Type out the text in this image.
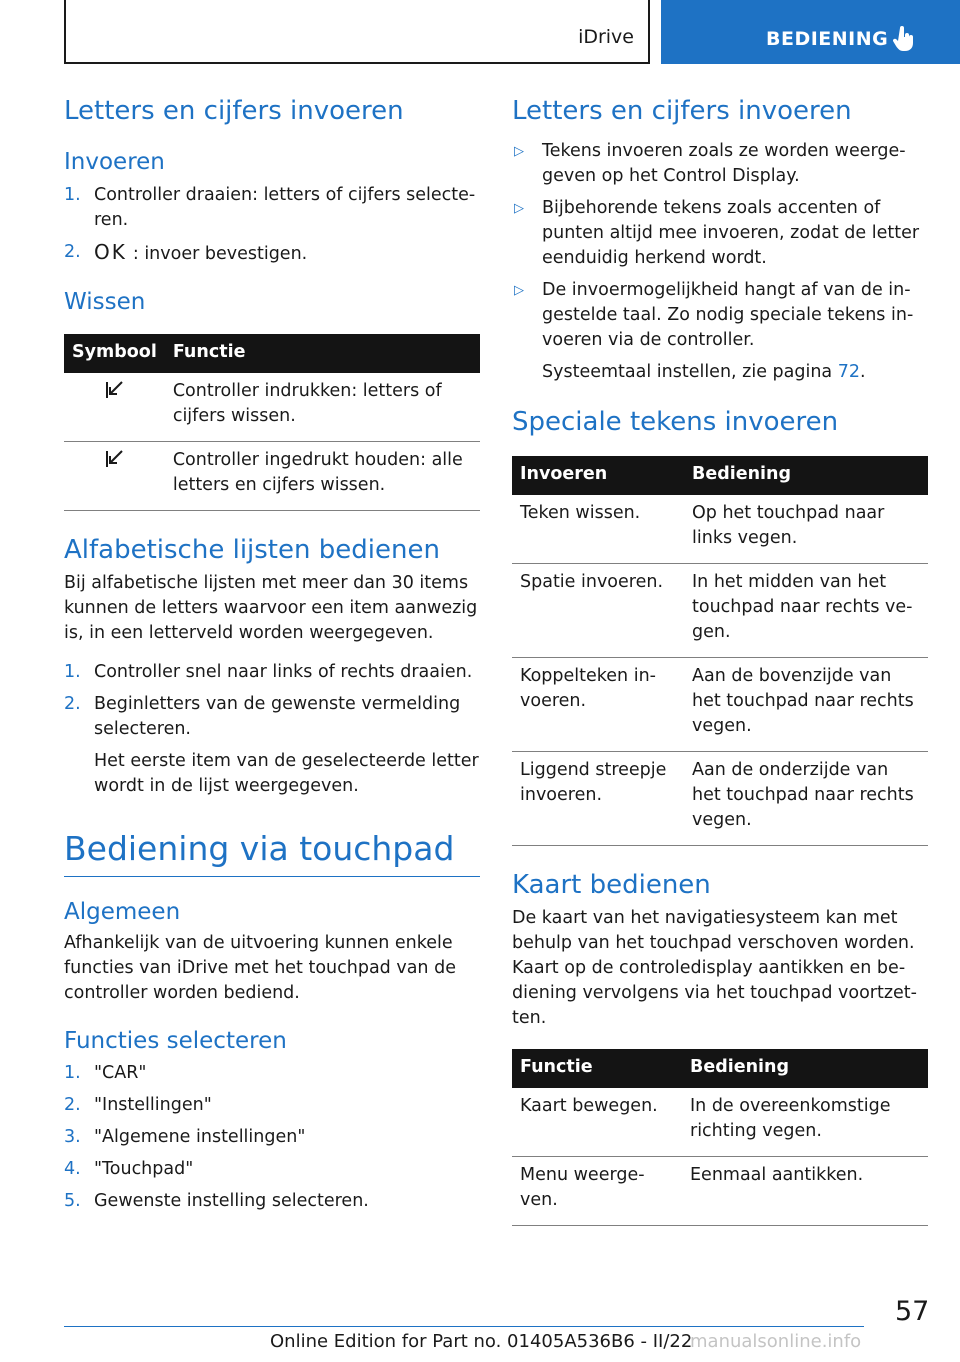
iDrive	BEDIENING
Letters en cijfers invoeren
Invoeren
1. Controller draaien: letters of cijfers selecteren.
2. OK : invoer bevestigen.
Wissen
Symbool	Functie
	Controller indrukken: letters of cijfers wissen.
	Controller ingedrukt houden: alle letters en cijfers wissen.
Alfabetische lijsten bedienen

Bij alfabetische lijsten met meer dan 30 items kunnen de letters waarvoor een item aanwezig is, in een letterveld worden weergegeven.

1. Controller snel naar links of rechts draaien.
2. Beginletters van de gewenste vermelding selecteren.
Het eerste item van de geselecteerde letter wordt in de lijst weergegeven.
Bediening via touchpad
Algemeen

Afhankelijk van de uitvoering kunnen enkele functies van iDrive met het touchpad van de controller worden bediend.

Functies selecteren
1. "CAR"
2. "Instellingen"
3. "Algemene instellingen"
4. "Touchpad"
5. Gewenste instelling selecteren.
Letters en cijfers invoeren
▷ Tekens invoeren zoals ze worden weergegeven op het Control Display.
▷ Bijbehorende tekens zoals accenten of punten altijd mee invoeren, zodat de letter eenduidig herkend wordt.
▷ De invoermogelijkheid hangt af van de ingestelde taal. Zo nodig speciale tekens invoeren via de controller.
Systeemtaal instellen, zie pagina 72.
Speciale tekens invoeren
Invoeren	Bediening
Teken wissen.	Op het touchpad naar links vegen.
Spatie invoeren.	In het midden van het touchpad naar rechts vegen.
Koppelteken invoeren.	Aan de bovenzijde van het touchpad naar rechts vegen.
Liggend streepje invoeren.	Aan de onderzijde van het touchpad naar rechts vegen.
Kaart bedienen

De kaart van het navigatiesysteem kan met behulp van het touchpad verschoven worden. Kaart op de controledisplay aantikken en bediening vervolgens via het touchpad voortzetten.

Functie	Bediening
Kaart bewegen.	In de overeenkomstige richting vegen.
Menu weergeven.	Eenmaal aantikken.
57
Online Edition for Part no. 01405A536B6 - II/22
manualsonline.info
